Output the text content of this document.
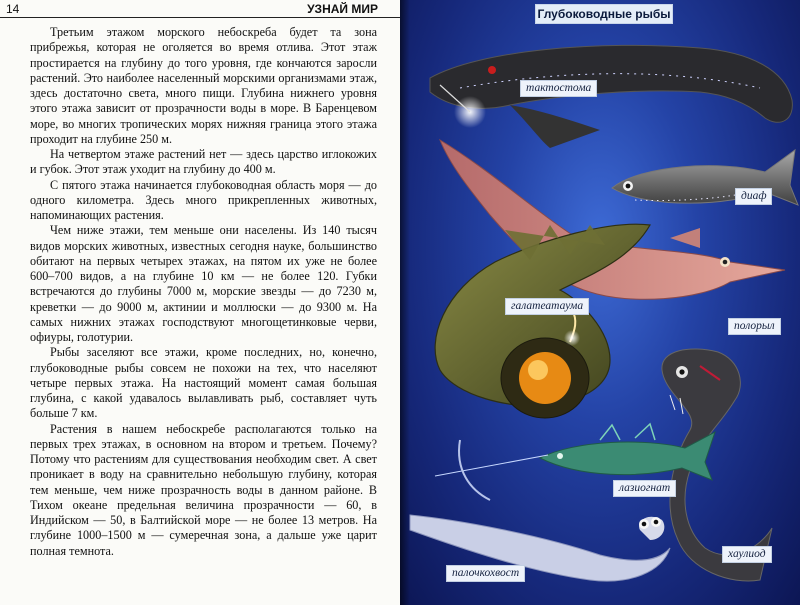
14	УЗНАЙ МИР

Третьим этажом морского небоскреба будет та зона прибрежья, которая не оголяется во время отлива. Этот этаж простирается на глубину до того уровня, где кончаются заросли растений. Это наиболее населенный морскими организмами этаж, здесь достаточно света, много пищи. Глубина нижнего уровня этого этажа зависит от прозрачности воды в море. В Баренцевом море, во многих тропических морях нижняя граница этого этажа проходит на глубине 250 м.

На четвертом этаже растений нет — здесь царство иглокожих и губок. Этот этаж уходит на глубину до 400 м.

С пятого этажа начинается глубоководная область моря — до одного километра. Здесь много прикрепленных животных, напоминающих растения.

Чем ниже этажи, тем меньше они населены. Из 140 тысяч видов морских животных, известных сегодня науке, большинство обитают на первых четырех этажах, на пятом их уже не более 600–700 видов, а на глубине 10 км — не более 120. Губки встречаются до глубины 7000 м, морские звезды — до 7230 м, креветки — до 9000 м, актинии и моллюски — до 9300 м. На самых нижних этажах господствуют многощетинковые черви, офиуры, голотурии.

Рыбы заселяют все этажи, кроме последних, но, конечно, глубоководные рыбы совсем не похожи на тех, что населяют четыре первых этажа. На настоящий момент самая большая глубина, с какой удавалось вылавливать рыб, составляет чуть больше 7 км.

Растения в нашем небоскребе располагаются только на первых трех этажах, в основном на втором и третьем. Почему? Потому что растениям для существования необходим свет. А свет проникает в воду на сравнительно небольшую глубину, которая тем меньше, чем ниже прозрачность воды в данном районе. В Тихом океане предельная величина прозрачности — 60, в Индийском — 50, в Балтийской море — не более 13 метров. На глубине 1000–1500 м — сумеречная зона, а дальше уже царит полная темнота.

Глубоководные рыбы
тактостома
диаф
галатеатаума
полорыл
лазиогнат
хаулиод
палочкохвост
